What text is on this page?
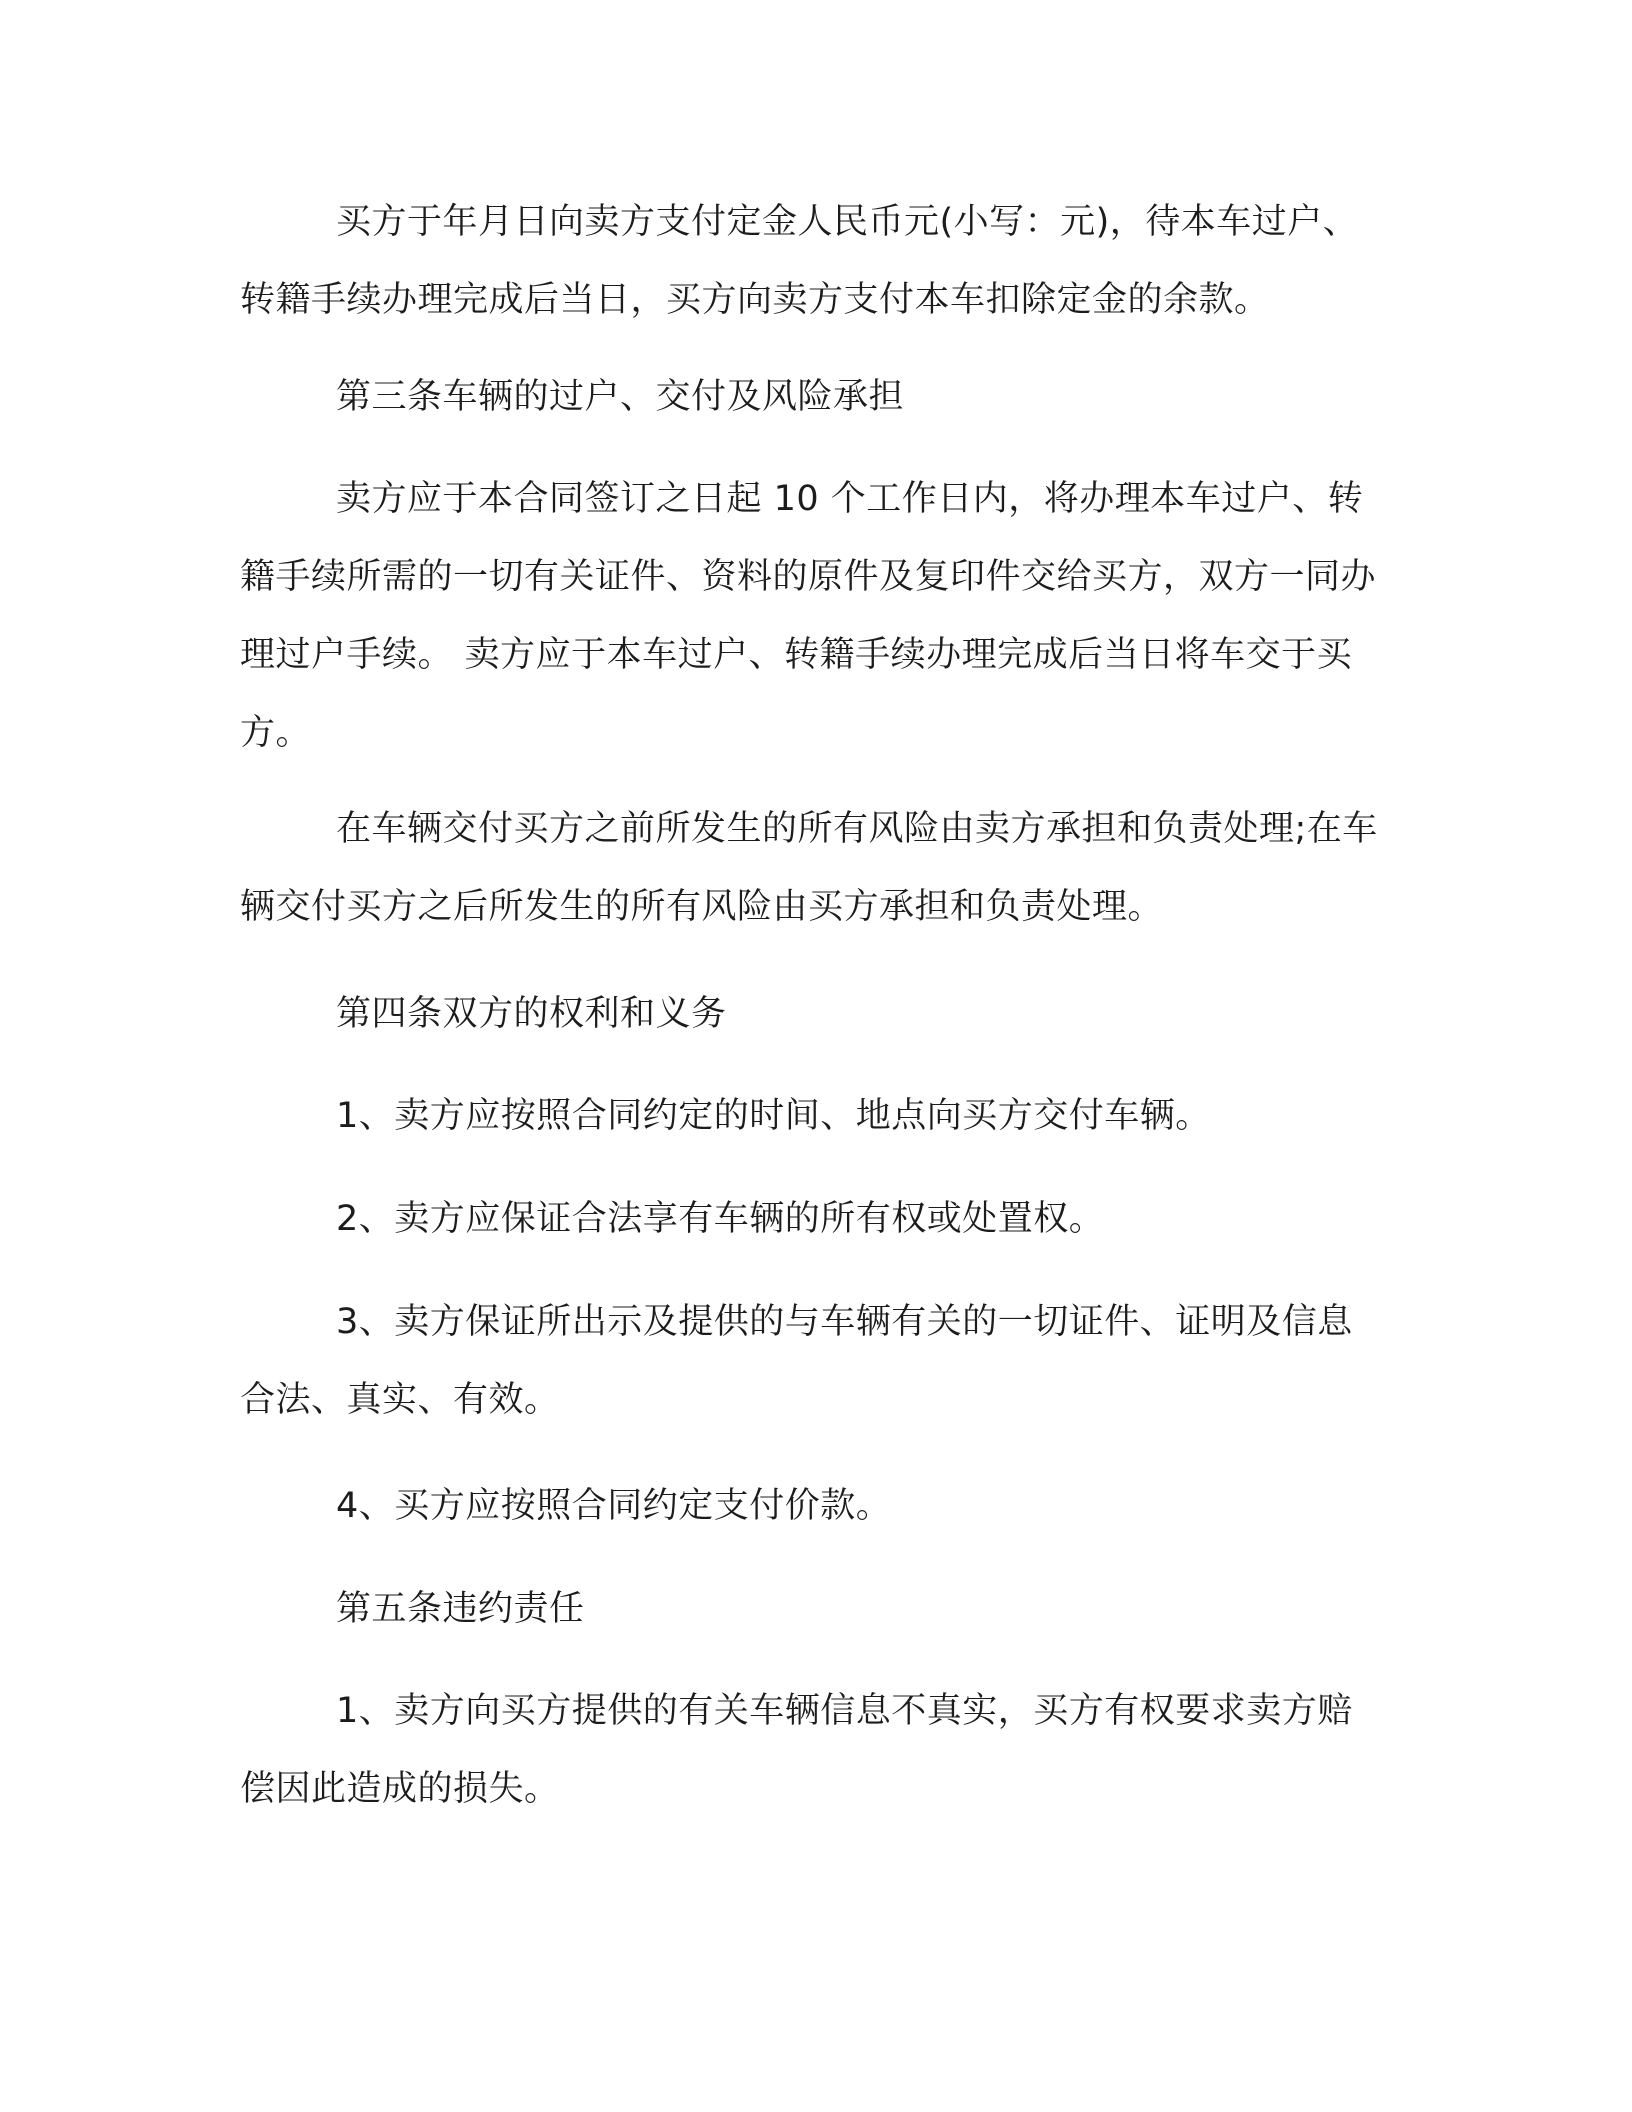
买方于年月日向卖方支付定金人民币元(小写：元)，待本车过户、转籍手续办理完成后当日，买方向卖方支付本车扣除定金的余款。

第三条车辆的过户、交付及风险承担

卖方应于本合同签订之日起 10 个工作日内，将办理本车过户、转籍手续所需的一切有关证件、资料的原件及复印件交给买方，双方一同办理过户手续。 卖方应于本车过户、转籍手续办理完成后当日将车交于买方。

在车辆交付买方之前所发生的所有风险由卖方承担和负责处理;在车辆交付买方之后所发生的所有风险由买方承担和负责处理。

第四条双方的权利和义务

1、卖方应按照合同约定的时间、地点向买方交付车辆。

2、卖方应保证合法享有车辆的所有权或处置权。

3、卖方保证所出示及提供的与车辆有关的一切证件、证明及信息合法、真实、有效。

4、买方应按照合同约定支付价款。

第五条违约责任

1、卖方向买方提供的有关车辆信息不真实，买方有权要求卖方赔偿因此造成的损失。
